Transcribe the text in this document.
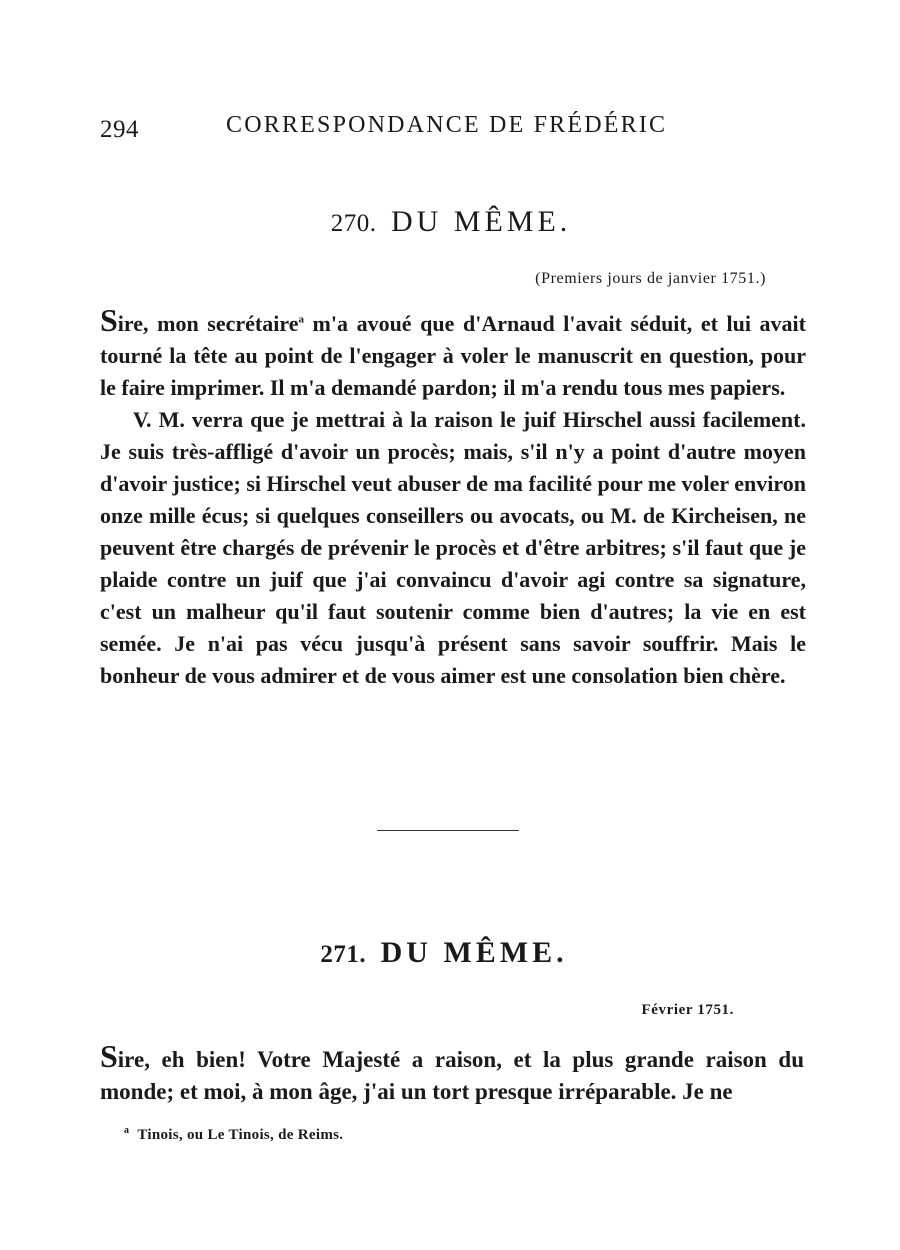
294	CORRESPONDANCE DE FRÉDÉRIC
270. DU MÊME.
(Premiers jours de janvier 1751.)

Sire, mon secrétaire$^a$ m'a avoué que d'Arnaud l'avait séduit, et lui avait tourné la tête au point de l'engager à voler le manuscrit en question, pour le faire imprimer. Il m'a demandé pardon; il m'a rendu tous mes papiers.

V. M. verra que je mettrai à la raison le juif Hirschel aussi facilement. Je suis très-affligé d'avoir un procès; mais, s'il n'y a point d'autre moyen d'avoir justice; si Hirschel veut abuser de ma facilité pour me voler environ onze mille écus; si quelques conseillers ou avocats, ou M. de Kircheisen, ne peuvent être chargés de prévenir le procès et d'être arbitres; s'il faut que je plaide contre un juif que j'ai convaincu d'avoir agi contre sa signature, c'est un malheur qu'il faut soutenir comme bien d'autres; la vie en est semée. Je n'ai pas vécu jusqu'à présent sans savoir souffrir. Mais le bonheur de vous admirer et de vous aimer est une consolation bien chère.

271. DU MÊME.
Février 1751.

Sire, eh bien! Votre Majesté a raison, et la plus grande raison du monde; et moi, à mon âge, j'ai un tort presque irréparable. Je ne

$^a$ Tinois, ou Le Tinois, de Reims.
